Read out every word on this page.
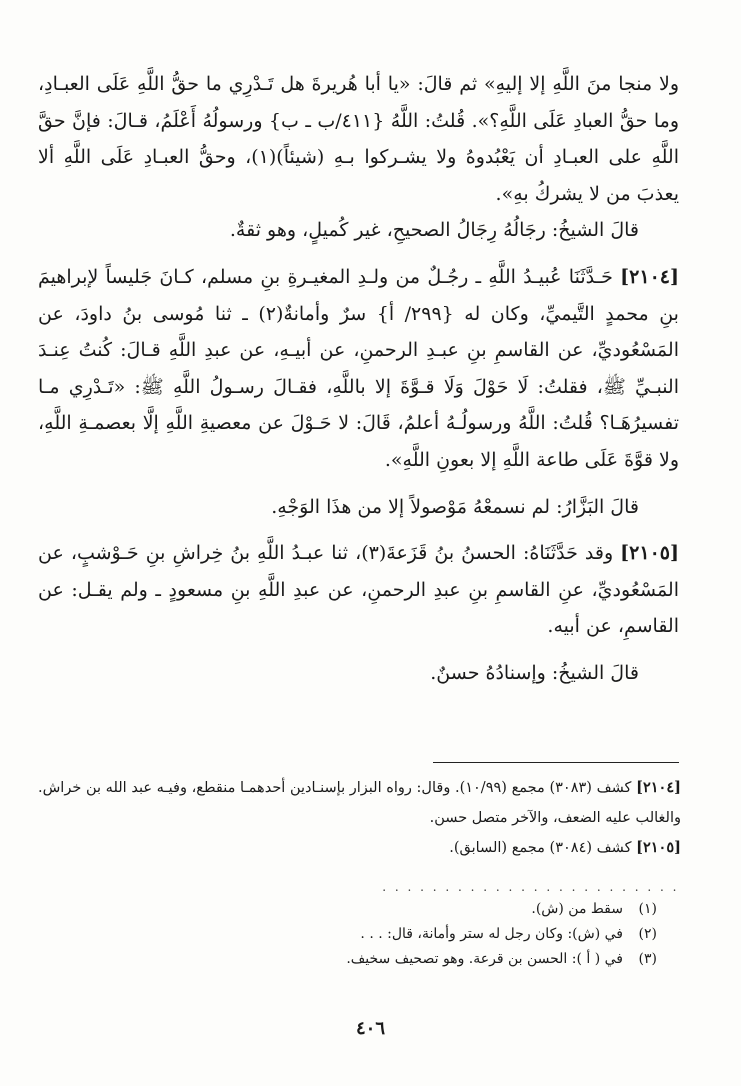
ولا منجا منَ اللَّهِ إلا إليهِ» ثم قالَ: «يا أبا هُريرةَ هل تَـدْرِي ما حقُّ اللَّهِ عَلَى العبـادِ، وما حقُّ العبادِ عَلَى اللَّهِ؟». قُلتُ: اللَّهُ {٤١١/ب ـ ب} ورسولُهُ أَعْلَمُ، قـالَ: فإنَّ حقَّ اللَّهِ على العبـادِ أن يَعْبُدوهُ ولا يشـركوا بـهِ (شيئاً)(١)، وحقُّ العبـادِ عَلَى اللَّهِ ألا يعذبَ من لا يشركُ بهِ».

قالَ الشيخُ: رجَالُهُ رِجَالُ الصحيحِ، غير كُميلٍ، وهو ثقةٌ.

[٢١٠٤] حَـدَّثَنَا عُبيـدُ اللَّهِ ـ رجُـلٌ من ولـدِ المغيـرةِ بنِ مسلم، كـانَ جَليساً لإبراهيمَ بنِ محمدٍ التَّيميِّ، وكان له {٢٩٩/ أ} سرٌ وأمانةٌ(٢) ـ ثنا مُوسى بنُ داودَ، عن المَسْعُوديِّ، عن القاسمِ بنِ عبـدِ الرحمنِ، عن أبيـهِ، عن عبدِ اللَّهِ قـالَ: كُنتُ عِنـدَ النبـيِّ ﷺ، فقلتُ: لَا حَوْلَ وَلَا قـوَّةَ إلا باللَّهِ، فقـالَ رسـولُ اللَّهِ ﷺ: «تَـدْرِي مـا تفسيرُهَـا؟ قُلتُ: اللَّهُ ورسولُـهُ أعلمُ، قَالَ: لا حَـوْلَ عن معصيةِ اللَّهِ إلَّا بعصمـةِ اللَّهِ، ولا قوَّةَ عَلَى طاعة اللَّهِ إلا بعونِ اللَّهِ».

قالَ البَزَّارُ: لم نسمعْهُ مَوْصولاً إلا من هذَا الوَجْهِ.

[٢١٠٥] وقد حَدَّثَنَاهُ: الحسنُ بنُ قَزَعةَ(٣)، ثنا عبـدُ اللَّهِ بنُ خِراشِ بنِ حَـوْشبٍ، عن المَسْعُوديِّ، عنِ القاسمِ بنِ عبدِ الرحمنِ، عن عبدِ اللَّهِ بنِ مسعودٍ ـ ولم يقـل: عن القاسمِ، عن أبيه.

قالَ الشيخُ: وإسنادُهُ حسنٌ.

[٢١٠٤] كشف (٣٠٨٣) مجمع (١٠/٩٩). وقال: رواه البزار بإسنـادين أحدهمـا منقطع، وفيـه عبد الله بن خراش. والغالب عليه الضعف، والآخر متصل حسن.

[٢١٠٥] كشف (٣٠٨٤) مجمع (السابق).

. . . . . . . . . . . . . . . . . . . . . . . .

(١)سقط من (ش).

(٢)في (ش): وكان رجل له ستر وأمانة، قال: . . .

(٣)في ( أ ): الحسن بن قرعة. وهو تصحيف سخيف.

٤٠٦
